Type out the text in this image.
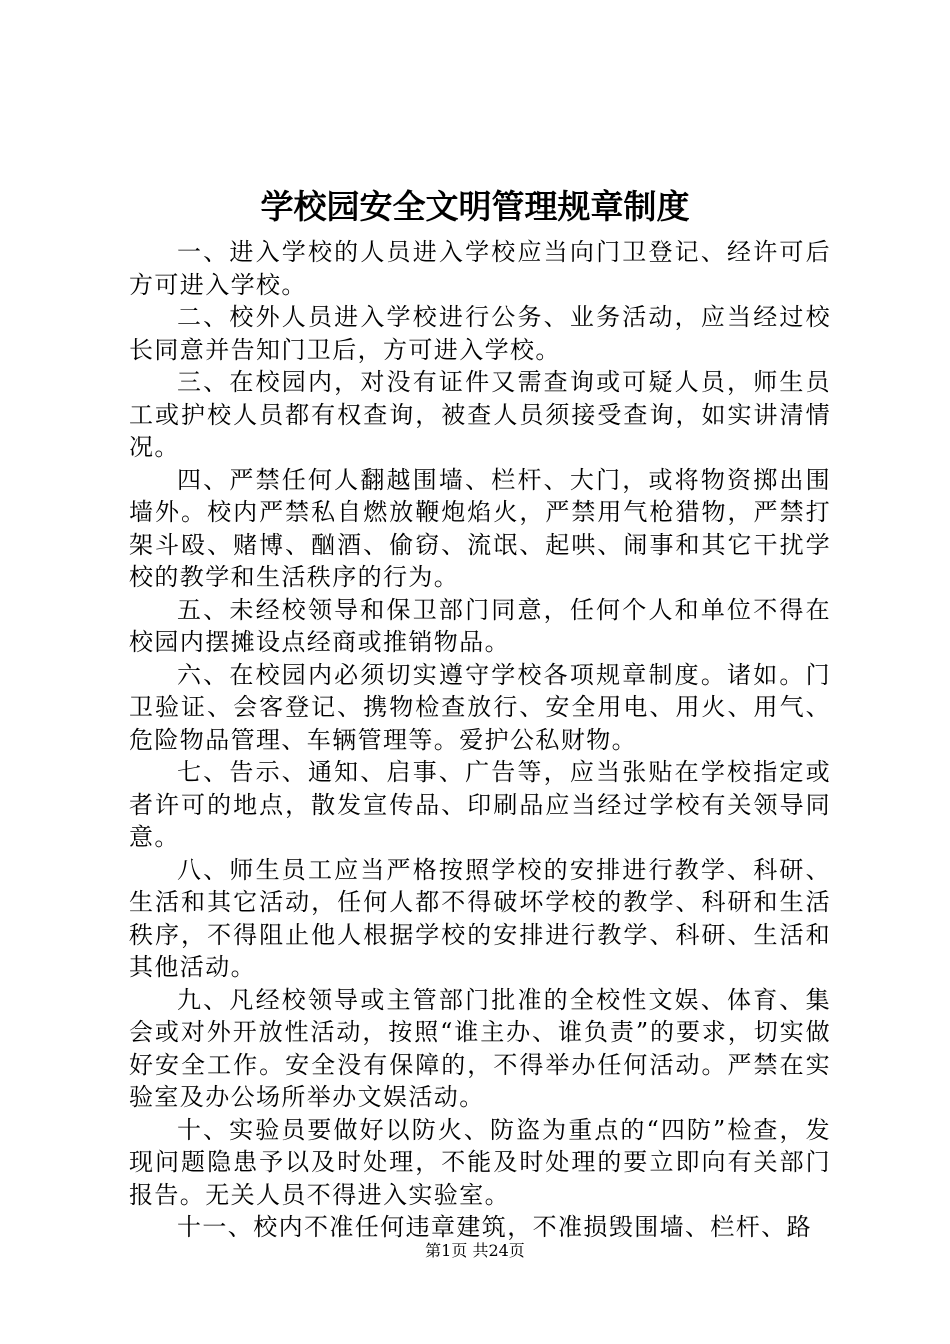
学校园安全文明管理规章制度

一、进入学校的人员进入学校应当向门卫登记、经许可后方可进入学校。

二、校外人员进入学校进行公务、业务活动，应当经过校长同意并告知门卫后，方可进入学校。

三、在校园内，对没有证件又需查询或可疑人员，师生员工或护校人员都有权查询，被查人员须接受查询，如实讲清情况。

四、严禁任何人翻越围墙、栏杆、大门，或将物资掷出围墙外。校内严禁私自燃放鞭炮焰火，严禁用气枪猎物，严禁打架斗殴、赌博、酗酒、偷窃、流氓、起哄、闹事和其它干扰学校的教学和生活秩序的行为。

五、未经校领导和保卫部门同意，任何个人和单位不得在校园内摆摊设点经商或推销物品。

六、在校园内必须切实遵守学校各项规章制度。诸如。门卫验证、会客登记、携物检查放行、安全用电、用火、用气、危险物品管理、车辆管理等。爱护公私财物。

七、告示、通知、启事、广告等，应当张贴在学校指定或者许可的地点，散发宣传品、印刷品应当经过学校有关领导同意。

八、师生员工应当严格按照学校的安排进行教学、科研、生活和其它活动，任何人都不得破坏学校的教学、科研和生活秩序，不得阻止他人根据学校的安排进行教学、科研、生活和其他活动。

九、凡经校领导或主管部门批准的全校性文娱、体育、集会或对外开放性活动，按照“谁主办、谁负责”的要求，切实做好安全工作。安全没有保障的，不得举办任何活动。严禁在实验室及办公场所举办文娱活动。

十、实验员要做好以防火、防盗为重点的“四防”检查，发现问题隐患予以及时处理，不能及时处理的要立即向有关部门报告。无关人员不得进入实验室。

十一、校内不准任何违章建筑，不准损毁围墙、栏杆、路

第1页 共24页
